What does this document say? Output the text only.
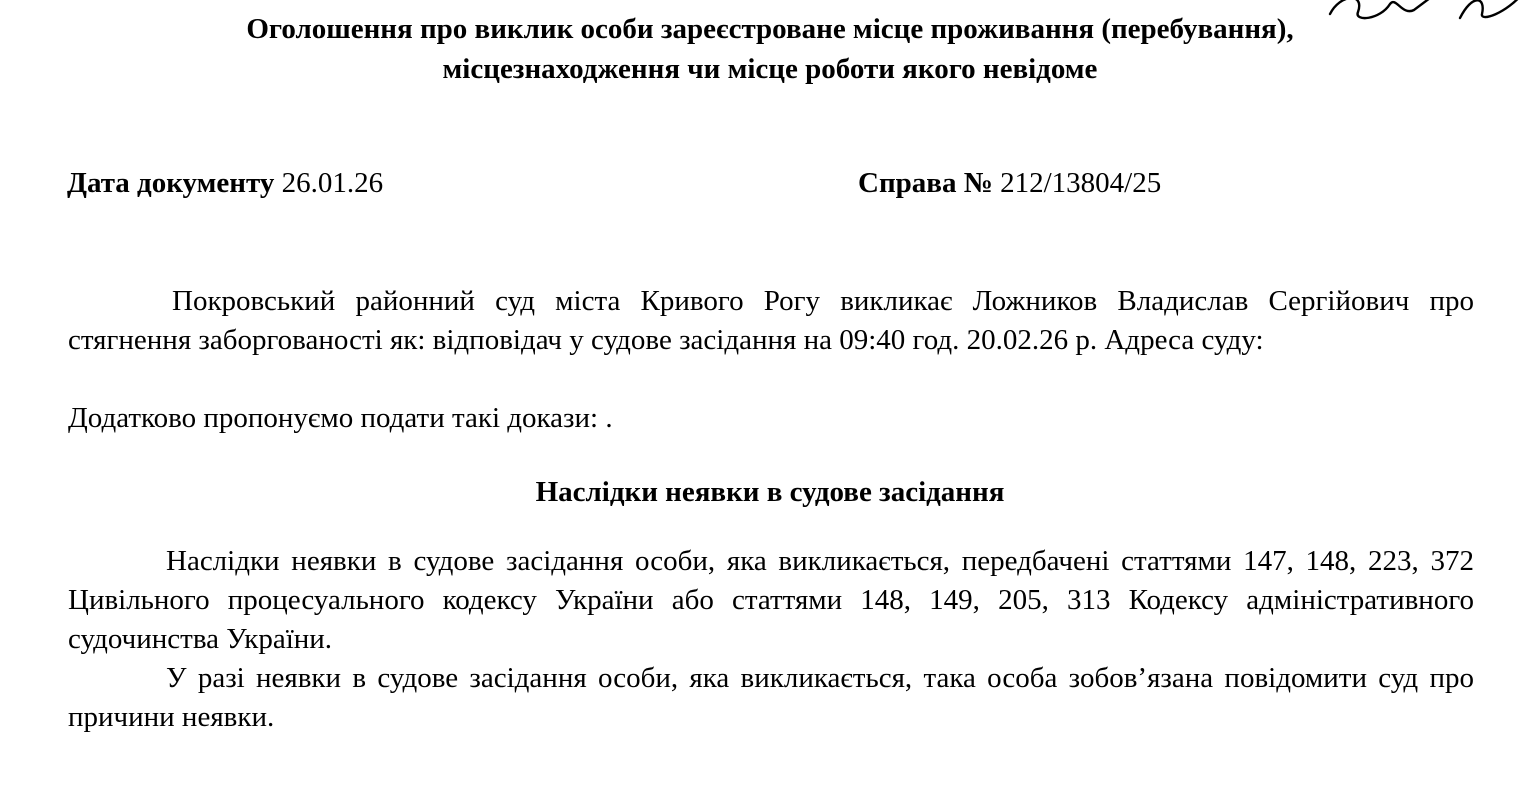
Оголошення про виклик особи зареєстроване місце проживання (перебування),
місцезнаходження чи місце роботи якого невідоме
Дата документу 26.01.26	Справа № 212/13804/25
Покровський районний суд міста Кривого Рогу викликає Ложников Владислав Сергійович про стягнення заборгованості як: відповідач у судове засідання на 09:40 год. 20.02.26 р. Адреса суду:
Додатково пропонуємо подати такі докази: .
Наслідки неявки в судове засідання
Наслідки неявки в судове засідання особи, яка викликається, передбачені статтями 147, 148, 223, 372 Цивільного процесуального кодексу України або статтями 148, 149, 205, 313 Кодексу адміністративного судочинства України.
У разі неявки в судове засідання особи, яка викликається, така особа зобов’язана повідомити суд про причини неявки.
